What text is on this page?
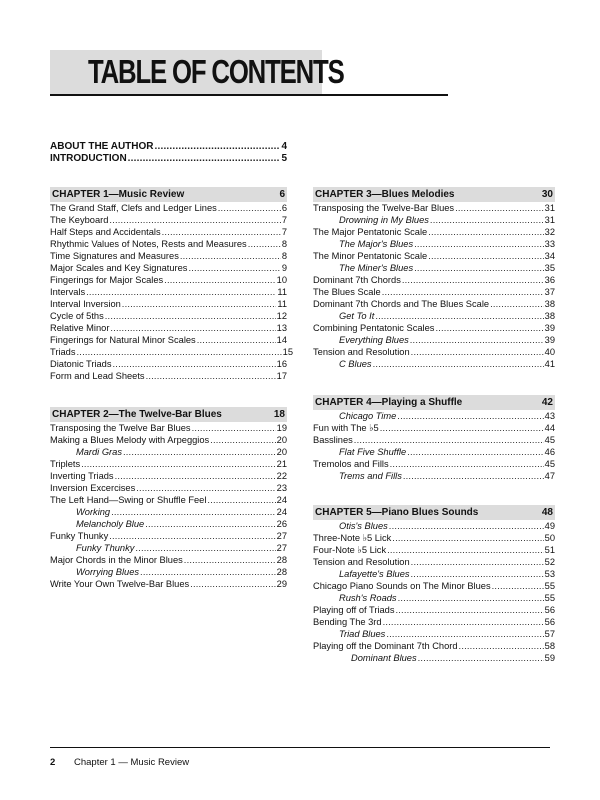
TABLE OF CONTENTS
ABOUT THE AUTHOR .....	4
INTRODUCTION .....	5
CHAPTER 1—Music Review	6
The Grand Staff, Clefs and Ledger Lines .....	6
The Keyboard .....	7
Half Steps and Accidentals .....	7
Rhythmic Values of Notes, Rests and Measures .....	8
Time Signatures and Measures .....	8
Major Scales and Key Signatures .....	9
Fingerings for Major Scales .....	10
Intervals .....	11
Interval Inversion .....	11
Cycle of 5ths .....	12
Relative Minor .....	13
Fingerings for Natural Minor Scales .....	14
Triads .....	15
Diatonic Triads .....	16
Form and Lead Sheets .....	17
CHAPTER 2—The Twelve-Bar Blues	18
Transposing the Twelve Bar Blues .....	19
Making a Blues Melody with Arpeggios .....	20
Mardi Gras .....	20
Triplets .....	21
Inverting Triads .....	22
Inversion Excercises .....	23
The Left Hand—Swing or Shuffle Feel .....	24
Working .....	24
Melancholy Blue .....	26
Funky Thunky .....	27
Funky Thunky .....	27
Major Chords in the Minor Blues .....	28
Worrying Blues .....	28
Write Your Own Twelve-Bar Blues .....	29
CHAPTER 3—Blues Melodies	30
Transposing the Twelve-Bar Blues .....	31
Drowning in My Blues .....	31
The Major Pentatonic Scale .....	32
The Major's Blues .....	33
The Minor Pentatonic Scale .....	34
The Miner's Blues .....	35
Dominant 7th Chords .....	36
The Blues Scale .....	37
Dominant 7th Chords and The Blues Scale .....	38
Get To It .....	38
Combining Pentatonic Scales .....	39
Everything Blues .....	39
Tension and Resolution .....	40
C Blues .....	41
CHAPTER 4—Playing a Shuffle	42
Chicago Time .....	43
Fun with The ♭5 .....	44
Basslines .....	45
Flat Five Shuffle .....	46
Tremolos and Fills .....	45
Trems and Fills .....	47
CHAPTER 5—Piano Blues Sounds	48
Otis's Blues .....	49
Three-Note ♭5 Lick .....	50
Four-Note ♭5 Lick .....	51
Tension and Resolution .....	52
Lafayette's Blues .....	53
Chicago Piano Sounds on The Minor Blues .....	55
Rush's Roads .....	55
Playing off of Triads .....	56
Bending The 3rd .....	56
Triad Blues .....	57
Playing off the Dominant 7th Chord .....	58
Dominant Blues .....	59
2 Chapter 1 — Music Review
